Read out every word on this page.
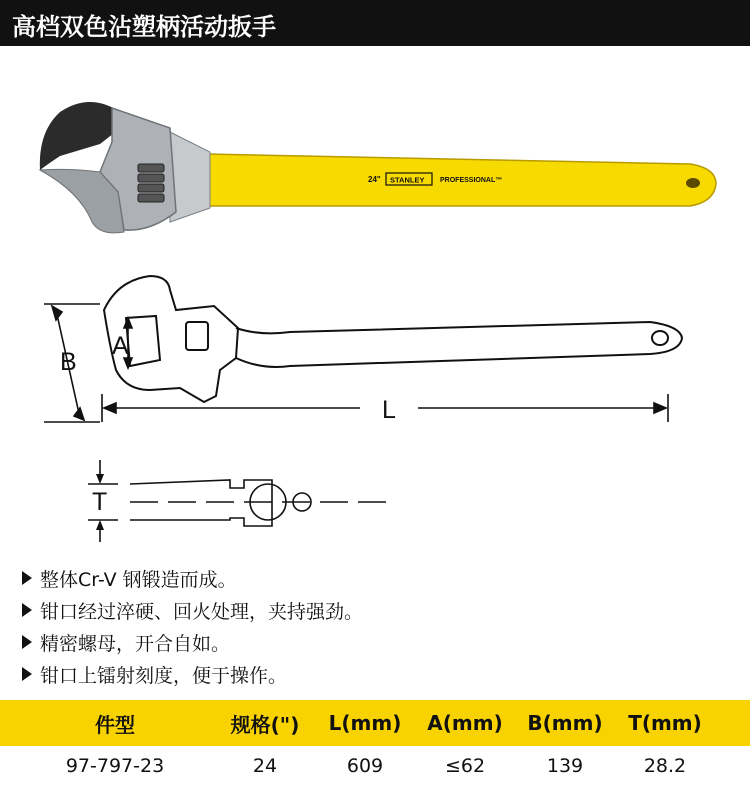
高档双色沾塑柄活动扳手
24" STANLEY PROFESSIONAL™
B
A
L
T
整体Cr-V 钢锻造而成。
钳口经过淬硬、回火处理，夹持强劲。
精密螺母，开合自如。
钳口上镭射刻度，便于操作。
件型	规格(")	L(mm)	A(mm)	B(mm)	T(mm)
97-797-23	24	609	≤62	139	28.2
